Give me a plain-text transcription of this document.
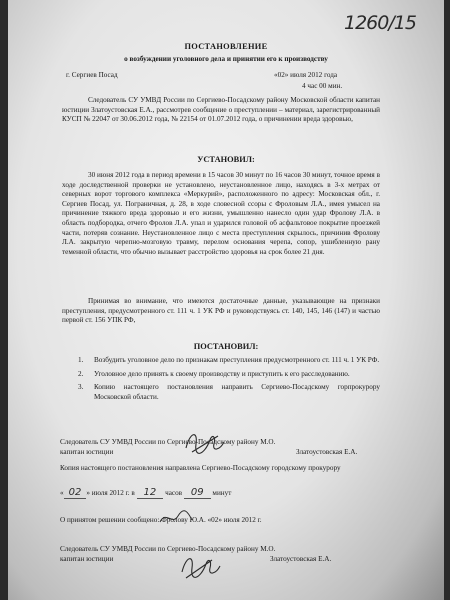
1260/15
ПОСТАНОВЛЕНИЕ
о возбуждении уголовного дела и принятии его к производству
г. Сергиев Посад	«02» июля 2012 года
4 час 00 мин.
Следователь СУ УМВД России по Сергиево-Посадскому району Московской области капитан юстиции Златоустовская Е.А., рассмотрев сообщение о преступлении – материал, зарегистрированный КУСП № 22047 от 30.06.2012 года, № 22154 от 01.07.2012 года, о причинении вреда здоровью,
УСТАНОВИЛ:
30 июня 2012 года в период времени в 15 часов 30 минут по 16 часов 30 минут, точное время в ходе доследственной проверки не установлено, неустановленное лицо, находясь в 3-х метрах от северных ворот торгового комплекса «Меркурий», расположенного по адресу: Московская обл., г. Сергиев Посад, ул. Пограничная, д. 28, в ходе словесной ссоры с Фроловым Л.А., имея умысел на причинение тяжкого вреда здоровью и его жизни, умышленно нанесло один удар Фролову Л.А. в область подбородка, отчего Фролов Л.А. упал и ударился головой об асфальтовое покрытие проезжей части, потеряв сознание. Неустановленное лицо с места преступления скрылось, причинив Фролову Л.А. закрытую черепно-мозговую травму, перелом основания черепа, сопор, ушибленную рану теменной области, что обычно вызывает расстройство здоровья на срок более 21 дня.
Принимая во внимание, что имеются достаточные данные, указывающие на признаки преступления, предусмотренного ст. 111 ч. 1 УК РФ и руководствуясь ст. 140, 145, 146 (147) и частью первой ст. 156 УПК РФ,
ПОСТАНОВИЛ:
1. Возбудить уголовное дело по признакам преступления предусмотренного ст. 111 ч. 1 УК РФ.
2. Уголовное дело принять к своему производству и приступить к его расследованию.
3. Копию настоящего постановления направить Сергиево-Посадскому горпрокурору Московской области.
Следователь СУ УМВД России по Сергиево-Посадскому району М.О.
капитан юстиции	Златоустовская Е.А.
Копия настоящего постановления направлена Сергиево-Посадскому городскому прокурору
« 02 » июля 2012 г. в 12 часов 09 минут
О принятом решении сообщено: Фролову Ю.А. «02» июля 2012 г.
Следователь СУ УМВД России по Сергиево-Посадскому району М.О.
капитан юстиции	Златоустовская Е.А.
